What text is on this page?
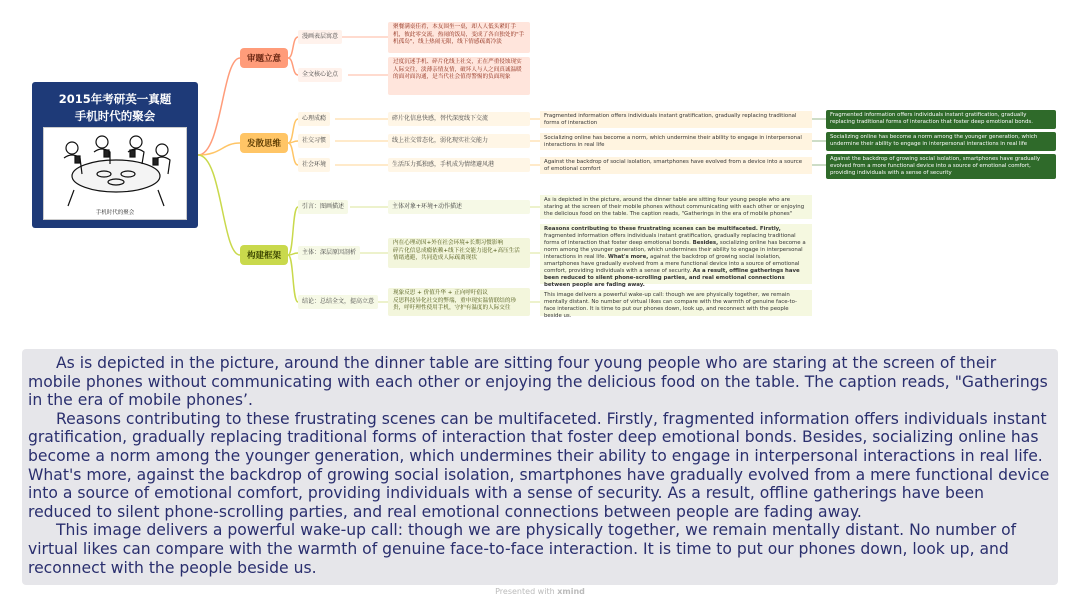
2015年考研英一真题
手机时代的聚会
手机时代的聚会
审题立意
发散思维
构建框架
漫画表层寓意
聚餐满桌佳肴，本友围坐一桌，却人人低头紧盯手机，彼此零交流。热闹的饭局，变成了各自独处的"手机孤岛"，线上热闹无限，线下情感疏离冷淡
全文核心论点
过度沉迷手机、碎片化线上社交，正在严重侵蚀现实人际交往，淡薄亲情友情，破坏人与人之间真诚温暖的面对面沟通，是当代社会值得警惕的负面现象
心理成瘾	碎片化信息快感，替代深度线下交流	Fragmented information offers individuals instant gratification, gradually replacing traditional forms of interaction
Fragmented information offers individuals instant gratification, gradually replacing traditional forms of interaction that foster deep emotional bonds.
社交习惯	线上社交常态化，弱化现实社交能力	Socializing online has become a norm, which undermine their ability to engage in interpersonal interactions in real life
Socializing online has become a norm among the younger generation, which undermine their ability to engage in interpersonal interactions in real life
社会环境	生活压力孤独感，手机成为情绪避风港	Against the backdrop of social isolation, smartphones have evolved from a device into a source of emotional comfort
Against the backdrop of growing social isolation, smartphones have gradually evolved from a more functional device into a source of emotional comfort, providing individuals with a sense of security
引言：图画描述	主体对象+环境+动作描述
As is depicted in the picture, around the dinner table are sitting four young people who are staring at the screen of their mobile phones without communicating with each other or enjoying the delicious food on the table. The caption reads, "Gatherings in the era of mobile phones"
主体：深层原因剖析
内在心理动因+外在社会环境+长期习惯影响
碎片化信息成瘾依赖+线下社交能力退化+高压生活情绪逃避，共同造成人际疏离现状
Reasons contributing to these frustrating scenes can be multifaceted. Firstly, fragmented information offers individuals instant gratification, gradually replacing traditional forms of interaction that foster deep emotional bonds. Besides, socializing online has become a norm among the younger generation, which undermines their ability to engage in interpersonal interactions in real life. What's more, against the backdrop of growing social isolation, smartphones have gradually evolved from a mere functional device into a source of emotional comfort, providing individuals with a sense of security. As a result, offline gatherings have been reduced to silent phone-scrolling parties, and real emotional connections between people are fading away.
结论：总结全文，提高立意
现象反思 + 价值升华 + 正向呼吁倡议
反思科技异化社交的弊端，重申现实温情联结的珍贵，呼吁理性使用手机，守护有温度的人际交往
This image delivers a powerful wake-up call: though we are physically together, we remain mentally distant. No number of virtual likes can compare with the warmth of genuine face-to-face interaction. It is time to put our phones down, look up, and reconnect with the people beside us.

As is depicted in the picture, around the dinner table are sitting four young people who are staring at the screen of their mobile phones without communicating with each other or enjoying the delicious food on the table. The caption reads, "Gatherings in the era of mobile phones’.

Reasons contributing to these frustrating scenes can be multifaceted. Firstly, fragmented information offers individuals instant gratification, gradually replacing traditional forms of interaction that foster deep emotional bonds. Besides, socializing online has become a norm among the younger generation, which undermines their ability to engage in interpersonal interactions in real life. What's more, against the backdrop of growing social isolation, smartphones have gradually evolved from a mere functional device into a source of emotional comfort, providing individuals with a sense of security. As a result, offline gatherings have been reduced to silent phone-scrolling parties, and real emotional connections between people are fading away.

This image delivers a powerful wake-up call: though we are physically together, we remain mentally distant. No number of virtual likes can compare with the warmth of genuine face-to-face interaction. It is time to put our phones down, look up, and reconnect with the people beside us.

Presented with xmind
